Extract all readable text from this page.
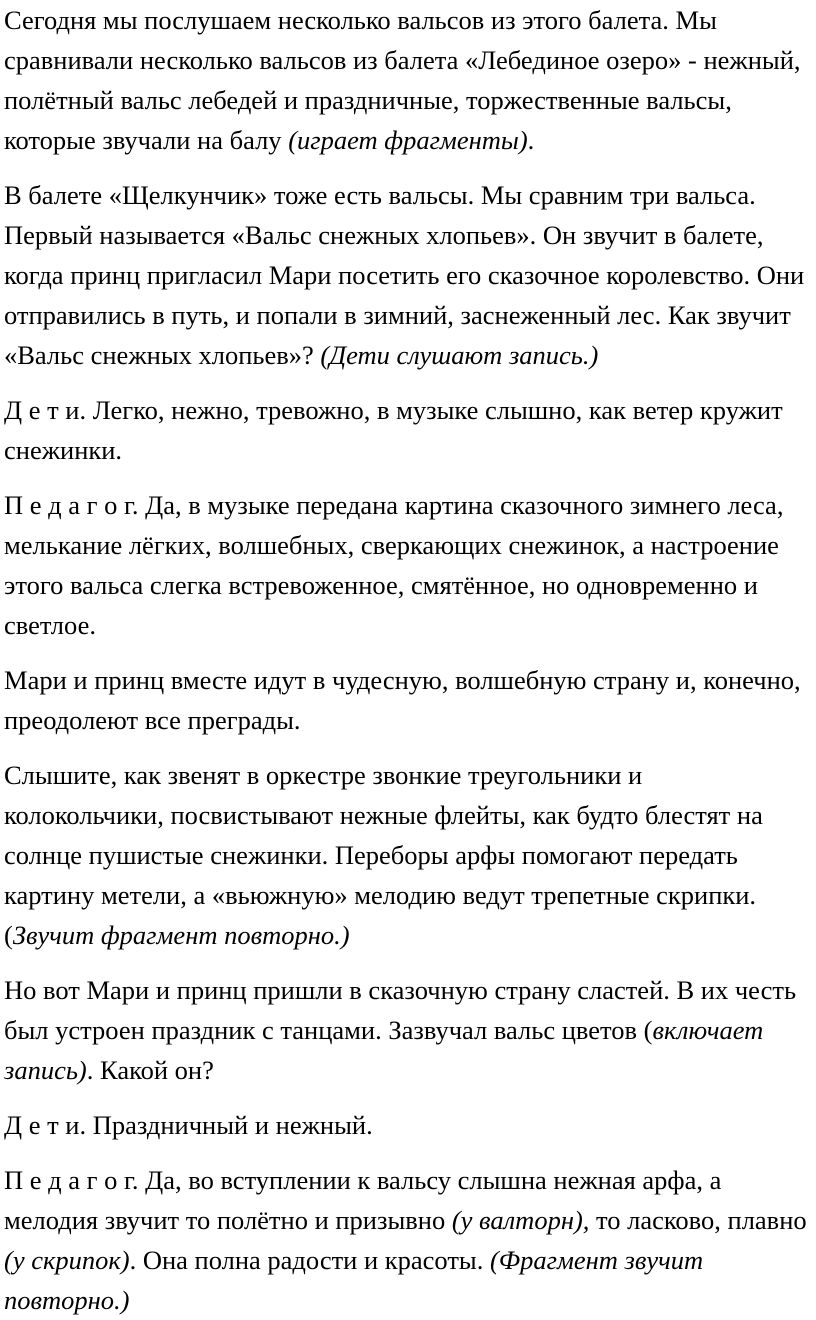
Сегодня мы послушаем несколько вальсов из этого балета. Мы сравнивали несколько вальсов из балета «Лебединое озеро» - нежный, полётный вальс лебедей и праздничные, торжественные вальсы, которые звучали на балу (играет фрагменты).

В балете «Щелкунчик» тоже есть вальсы. Мы сравним три вальса. Первый называется «Вальс снежных хлопьев». Он звучит в балете, когда принц пригласил Мари посетить его сказочное королевство. Они отправились в путь, и попали в зимний, заснеженный лес. Как звучит «Вальс снежных хлопьев»? (Дети слушают запись.)

Д е т и. Легко, нежно, тревожно, в музыке слышно, как ветер кружит снежинки.

П е д а г о г. Да, в музыке передана картина сказочного зимнего леса, мелькание лёгких, волшебных, сверкающих снежинок, а настроение этого вальса слегка встревоженное, смятённое, но одновременно и светлое.

Мари и принц вместе идут в чудесную, волшебную страну и, конечно, преодолеют все преграды.

Слышите, как звенят в оркестре звонкие треугольники и колокольчики, посвистывают нежные флейты, как будто блестят на солнце пушистые снежинки. Переборы арфы помогают передать картину метели, а «вьюжную» мелодию ведут трепетные скрипки. (Звучит фрагмент повторно.)

Но вот Мари и принц пришли в сказочную страну сластей. В их честь был устроен праздник с танцами. Зазвучал вальс цветов (включает запись). Какой он?

Д е т и. Праздничный и нежный.

П е д а г о г. Да, во вступлении к вальсу слышна нежная арфа, а мелодия звучит то полётно и призывно (у валторн), то ласково, плавно (у скрипок). Она полна радости и красоты. (Фрагмент звучит повторно.)
